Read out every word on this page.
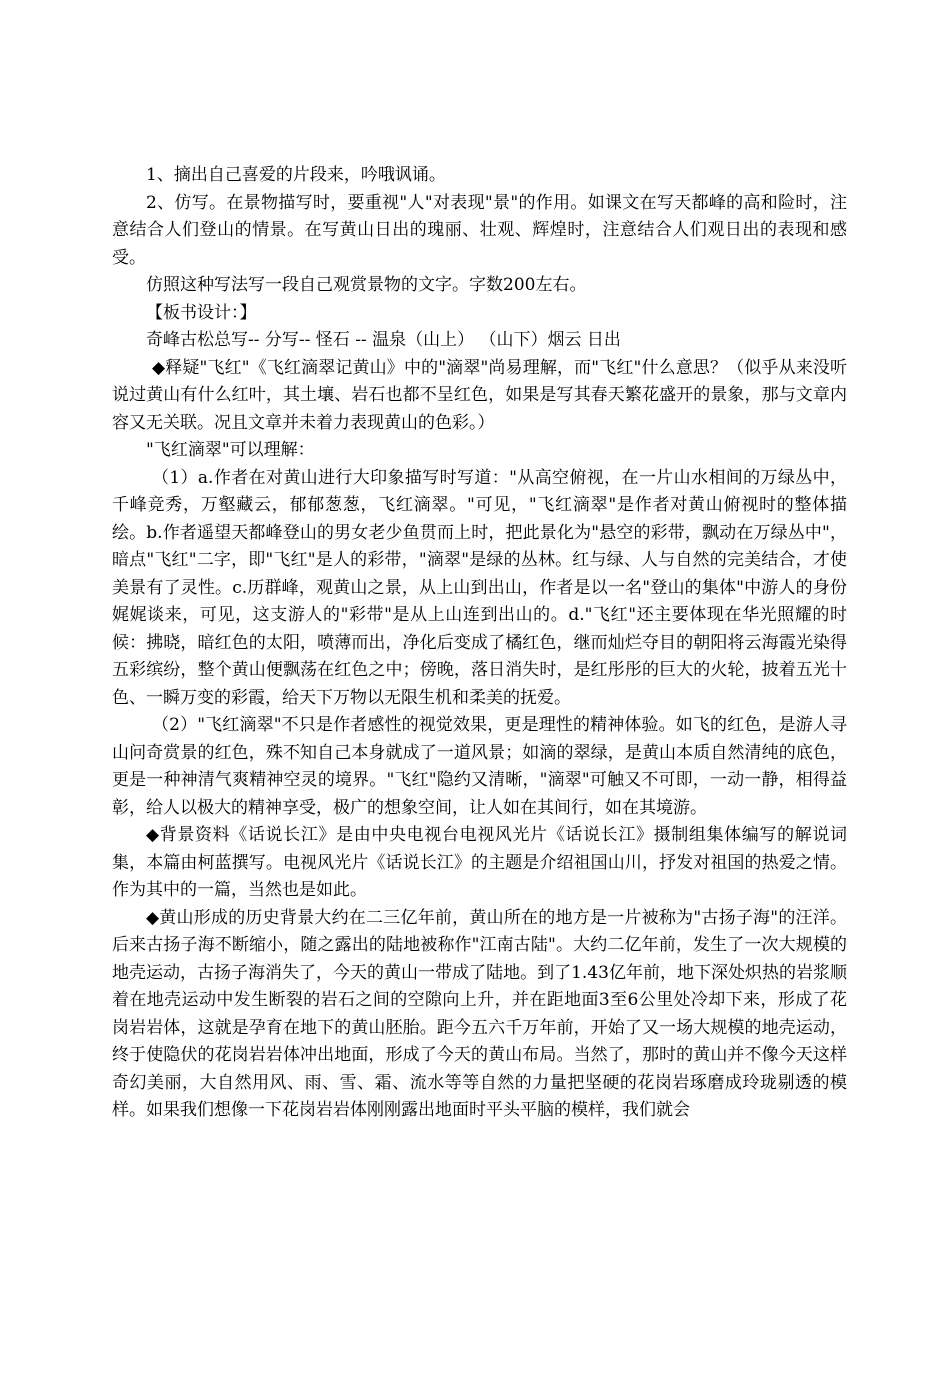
1、摘出自己喜爱的片段来，吟哦讽诵。

2、仿写。在景物描写时，要重视"人"对表现"景"的作用。如课文在写天都峰的高和险时，注意结合人们登山的情景。在写黄山日出的瑰丽、壮观、辉煌时，注意结合人们观日出的表现和感受。

仿照这种写法写一段自己观赏景物的文字。字数200左右。

【板书设计：】

奇峰古松总写-- 分写-- 怪石 -- 温泉（山上） （山下）烟云 日出

◆释疑"飞红"《飞红滴翠记黄山》中的"滴翠"尚易理解，而"飞红"什么意思？（似乎从来没听说过黄山有什么红叶，其土壤、岩石也都不呈红色，如果是写其春天繁花盛开的景象，那与文章内容又无关联。况且文章并未着力表现黄山的色彩。）

"飞红滴翠"可以理解：

（1）a.作者在对黄山进行大印象描写时写道："从高空俯视，在一片山水相间的万绿丛中，千峰竞秀，万壑藏云，郁郁葱葱，飞红滴翠。"可见，"飞红滴翠"是作者对黄山俯视时的整体描绘。b.作者遥望天都峰登山的男女老少鱼贯而上时，把此景化为"悬空的彩带，飘动在万绿丛中"，暗点"飞红"二字，即"飞红"是人的彩带，"滴翠"是绿的丛林。红与绿、人与自然的完美结合，才使美景有了灵性。c.历群峰，观黄山之景，从上山到出山，作者是以一名"登山的集体"中游人的身份娓娓谈来，可见，这支游人的"彩带"是从上山连到出山的。d."飞红"还主要体现在华光照耀的时候：拂晓，暗红色的太阳，喷薄而出，净化后变成了橘红色，继而灿烂夺目的朝阳将云海霞光染得五彩缤纷，整个黄山便飘荡在红色之中；傍晚，落日消失时，是红彤彤的巨大的火轮，披着五光十色、一瞬万变的彩霞，给天下万物以无限生机和柔美的抚爱。

（2）"飞红滴翠"不只是作者感性的视觉效果，更是理性的精神体验。如飞的红色，是游人寻山问奇赏景的红色，殊不知自己本身就成了一道风景；如滴的翠绿，是黄山本质自然清纯的底色，更是一种神清气爽精神空灵的境界。"飞红"隐约又清晰，"滴翠"可触又不可即，一动一静，相得益彰，给人以极大的精神享受，极广的想象空间，让人如在其间行，如在其境游。

◆背景资料《话说长江》是由中央电视台电视风光片《话说长江》摄制组集体编写的解说词集，本篇由柯蓝撰写。电视风光片《话说长江》的主题是介绍祖国山川，抒发对祖国的热爱之情。作为其中的一篇，当然也是如此。

◆黄山形成的历史背景大约在二三亿年前，黄山所在的地方是一片被称为"古扬子海"的汪洋。后来古扬子海不断缩小，随之露出的陆地被称作"江南古陆"。大约二亿年前，发生了一次大规模的地壳运动，古扬子海消失了，今天的黄山一带成了陆地。到了1.43亿年前，地下深处炽热的岩浆顺着在地壳运动中发生断裂的岩石之间的空隙向上升，并在距地面3至6公里处冷却下来，形成了花岗岩岩体，这就是孕育在地下的黄山胚胎。距今五六千万年前，开始了又一场大规模的地壳运动，终于使隐伏的花岗岩岩体冲出地面，形成了今天的黄山布局。当然了，那时的黄山并不像今天这样奇幻美丽，大自然用风、雨、雪、霜、流水等等自然的力量把坚硬的花岗岩琢磨成玲珑剔透的模样。如果我们想像一下花岗岩岩体刚刚露出地面时平头平脑的模样，我们就会
